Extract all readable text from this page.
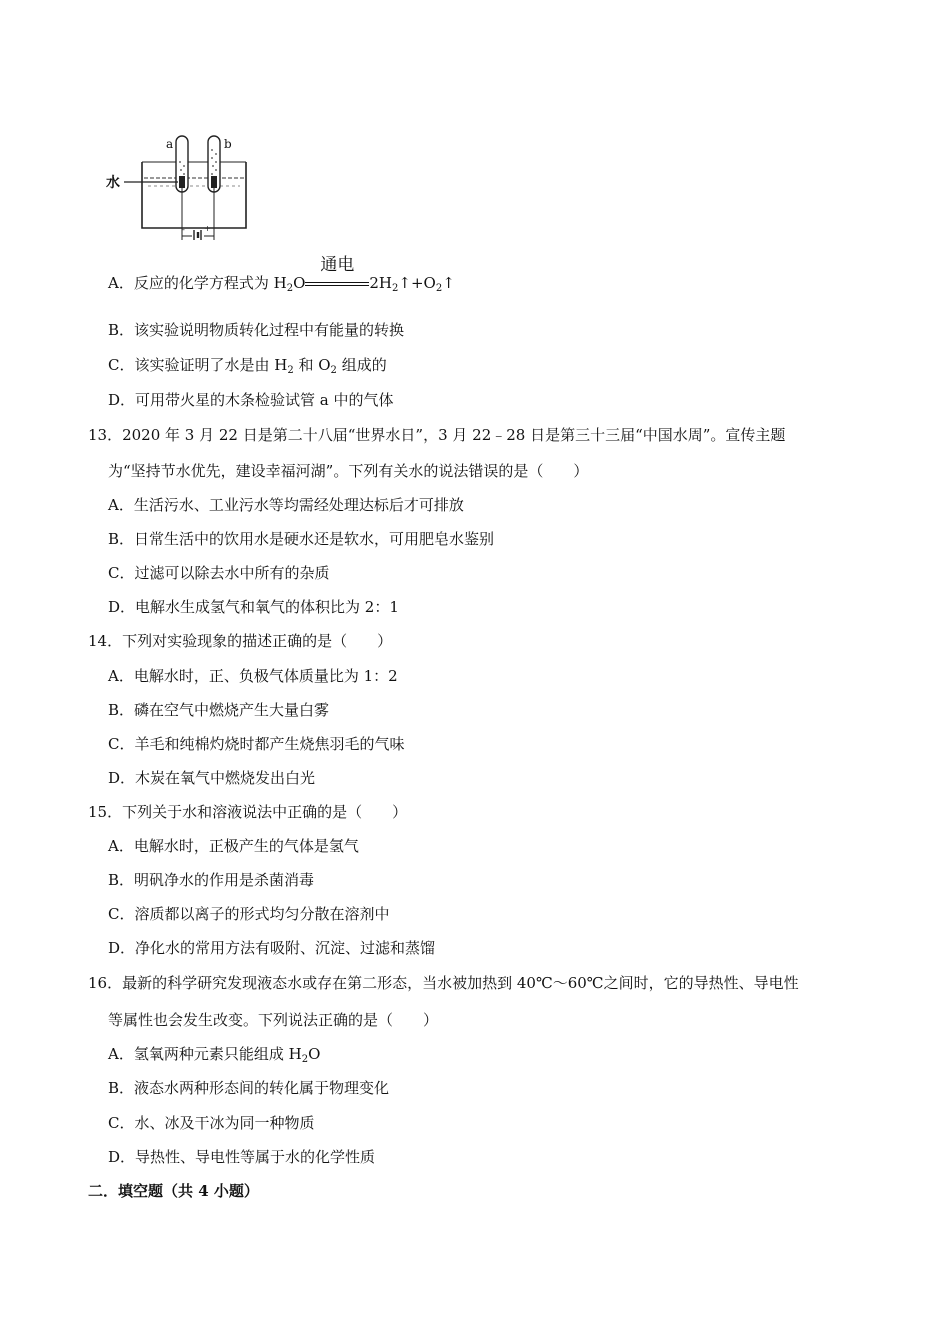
- +
水
a	b
A．反应的化学方程式为 $H_2O$
通电
$2H_2↑+O_2↑$
B．该实验说明物质转化过程中有能量的转换
C．该实验证明了水是由 $H_2$ 和 $O_2$ 组成的
D．可用带火星的木条检验试管 a 中的气体
13．2020 年 3 月 22 日是第二十八届“世界水日”，3 月 22﹣28 日是第三十三届“中国水周”。宣传主题
为“坚持节水优先，建设幸福河湖”。下列有关水的说法错误的是（　　）
A．生活污水、工业污水等均需经处理达标后才可排放
B．日常生活中的饮用水是硬水还是软水，可用肥皂水鉴别
C．过滤可以除去水中所有的杂质
D．电解水生成氢气和氧气的体积比为 2：1
14．下列对实验现象的描述正确的是（　　）
A．电解水时，正、负极气体质量比为 1：2
B．磷在空气中燃烧产生大量白雾
C．羊毛和纯棉灼烧时都产生烧焦羽毛的气味
D．木炭在氧气中燃烧发出白光
15．下列关于水和溶液说法中正确的是（　　）
A．电解水时，正极产生的气体是氢气
B．明矾净水的作用是杀菌消毒
C．溶质都以离子的形式均匀分散在溶剂中
D．净化水的常用方法有吸附、沉淀、过滤和蒸馏
16．最新的科学研究发现液态水或存在第二形态，当水被加热到 40℃～60℃之间时，它的导热性、导电性
等属性也会发生改变。下列说法正确的是（　　）
A．氢氧两种元素只能组成 $H_2O$
B．液态水两种形态间的转化属于物理变化
C．水、冰及干冰为同一种物质
D．导热性、导电性等属于水的化学性质
二．填空题（共 4 小题）
